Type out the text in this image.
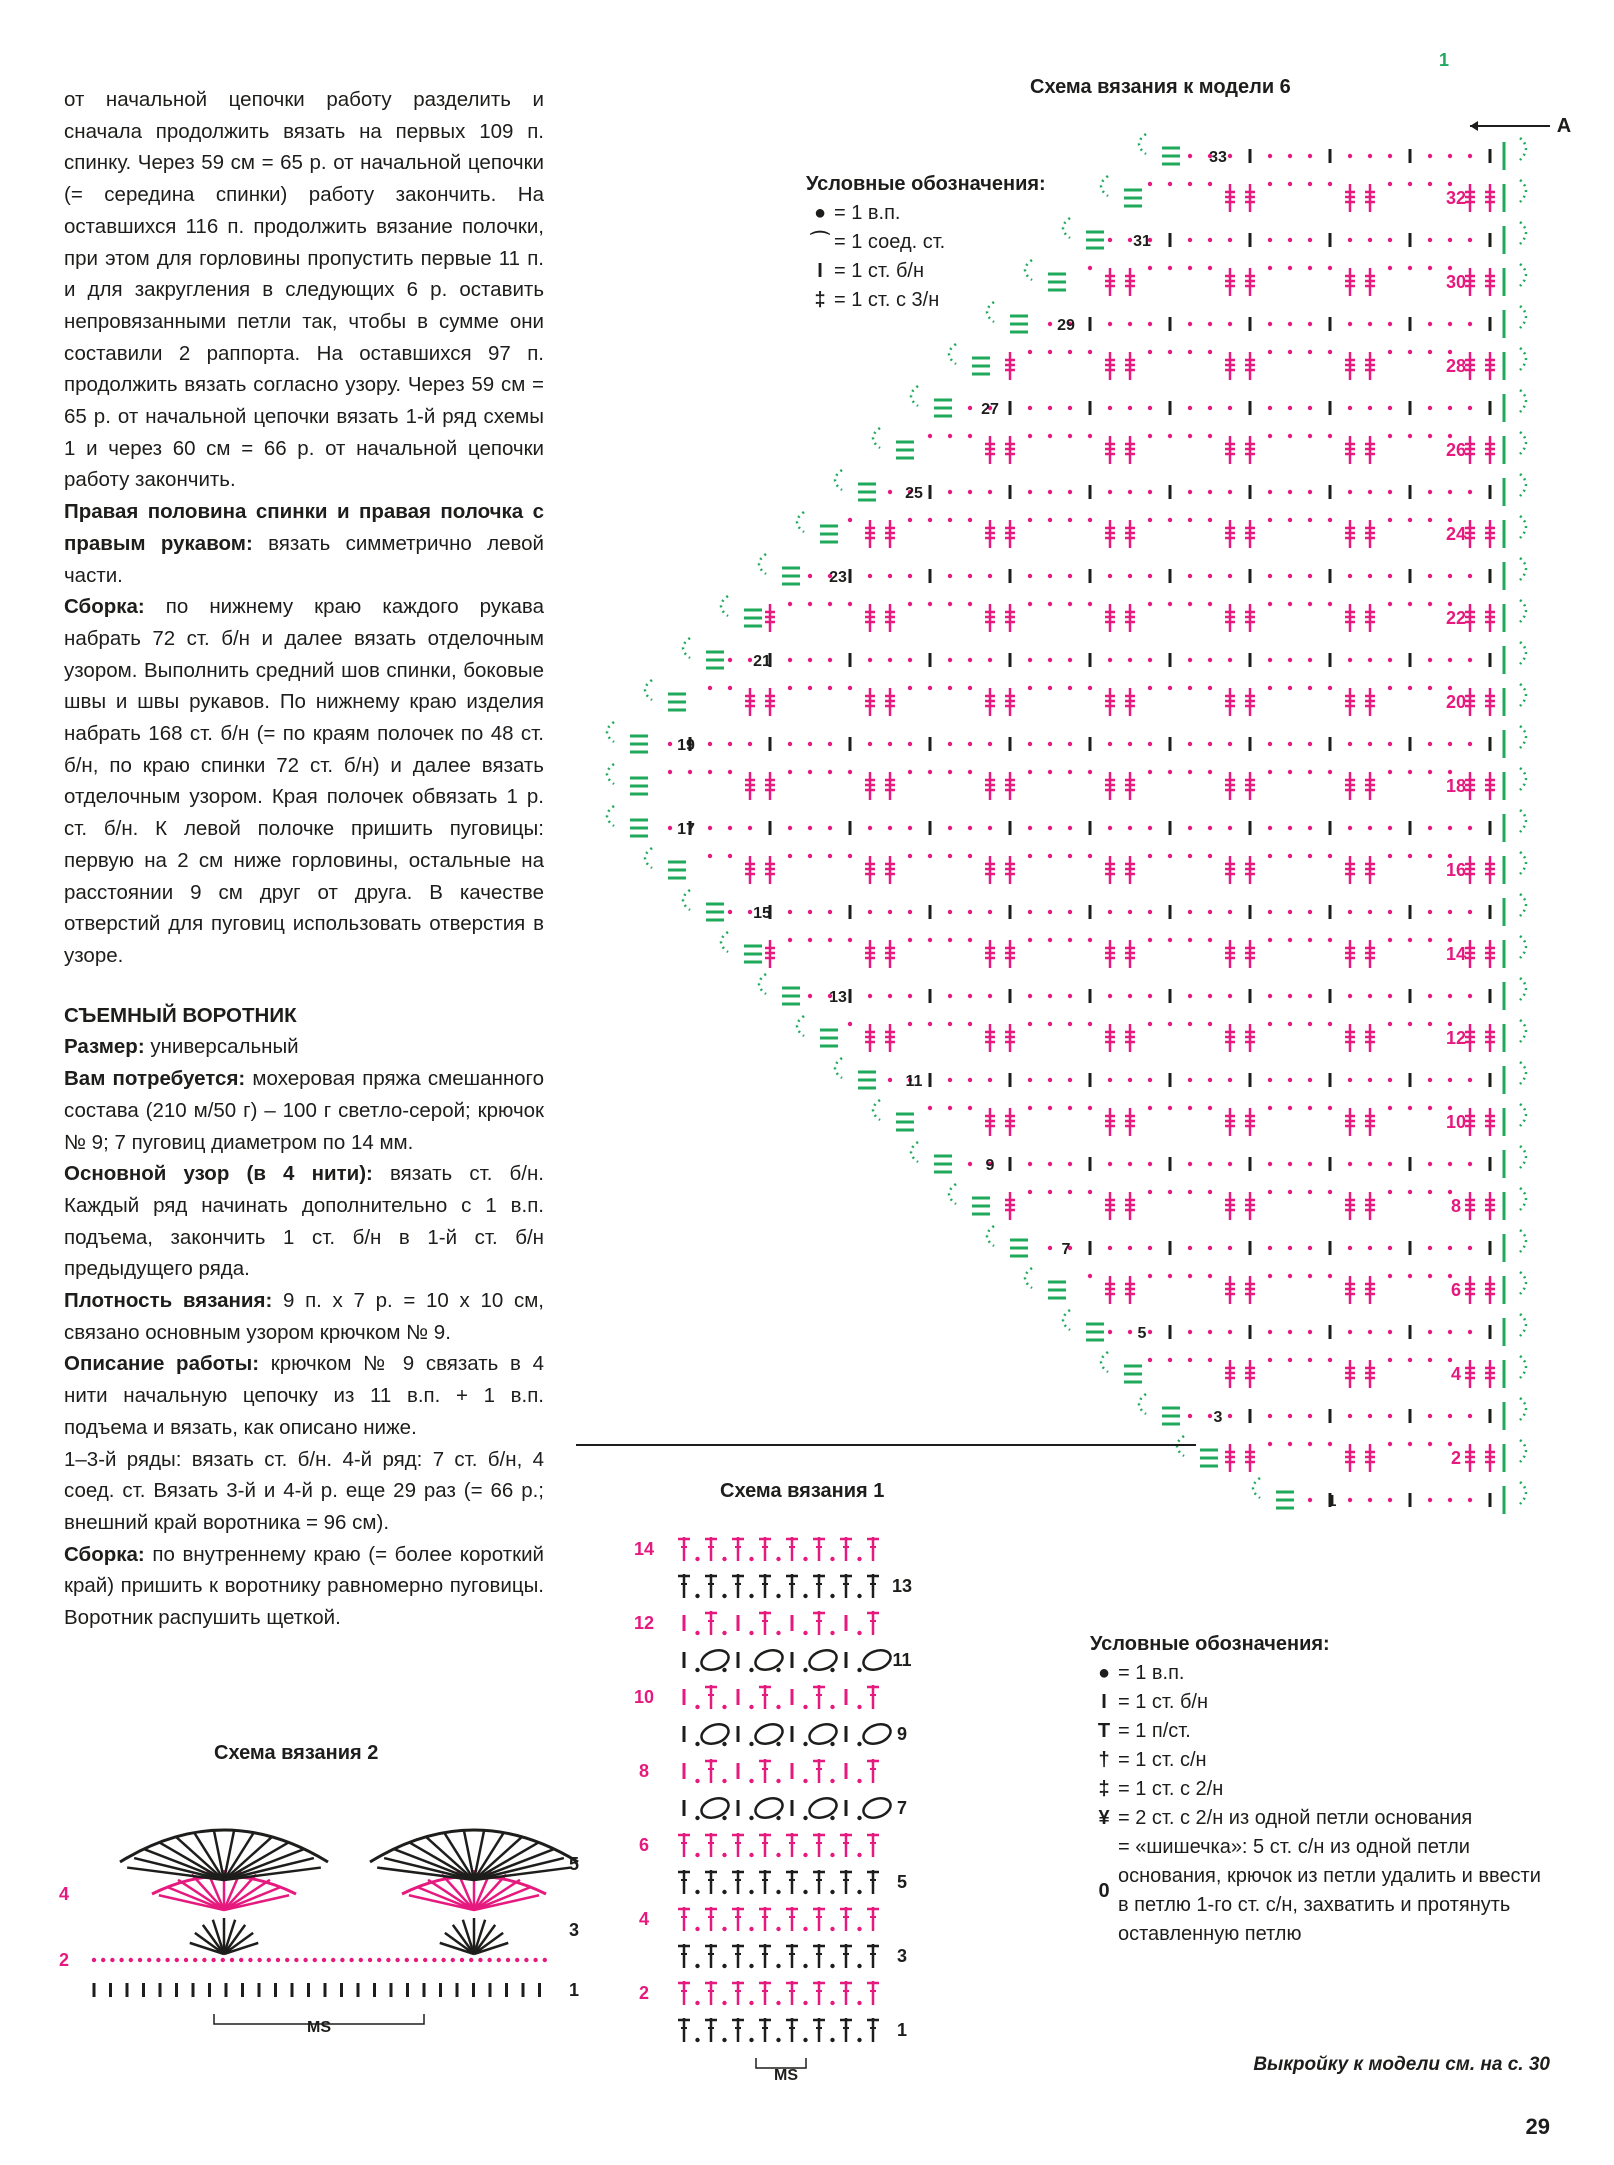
от начальной цепочки работу разделить и сначала продолжить вязать на первых 109 п. спинку. Через 59 см = 65 р. от начальной цепочки (= середина спинки) работу закончить. На оставшихся 116 п. продолжить вязание полочки, при этом для горловины пропустить первые 11 п. и для закругления в следующих 6 р. оставить непровязанными петли так, чтобы в сумме они составили 2 раппорта. На оставшихся 97 п. продолжить вязать согласно узору. Через 59 см = 65 р. от начальной цепочки вязать 1-й ряд схемы 1 и через 60 см = 66 р. от начальной цепочки работу закончить.

Правая половина спинки и правая полочка с правым рукавом: вязать симметрично левой части.

Сборка: по нижнему краю каждого рукава набрать 72 ст. б/н и далее вязать отделочным узором. Выполнить средний шов спинки, боковые швы и швы рукавов. По нижнему краю изделия набрать 168 ст. б/н (= по краям полочек по 48 ст. б/н, по краю спинки 72 ст. б/н) и далее вязать отделочным узором. Края полочек обвязать 1 р. ст. б/н. К левой полочке пришить пуговицы: первую на 2 см ниже горловины, остальные на расстоянии 9 см друг от друга. В качестве отверстий для пуговиц использовать отверстия в узоре.

СЪЕМНЫЙ ВОРОТНИК

Размер: универсальный

Вам потребуется: мохеровая пряжа смешанного состава (210 м/50 г) – 100 г светло-серой; крючок № 9; 7 пуговиц диаметром по 14 мм.

Основной узор (в 4 нити): вязать ст. б/н. Каждый ряд начинать дополнительно с 1 в.п. подъема, закончить 1 ст. б/н в 1-й ст. б/н предыдущего ряда.

Плотность вязания: 9 п. х 7 р. = 10 х 10 см, связано основным узором крючком № 9.

Описание работы: крючком № 9 связать в 4 нити начальную цепочку из 11 в.п. + 1 в.п. подъема и вязать, как описано ниже.

1–3-й ряды: вязать ст. б/н. 4-й ряд: 7 ст. б/н, 4 соед. ст. Вязать 3-й и 4-й р. еще 29 раз (= 66 р.; внешний край воротника = 96 см).

Сборка: по внутреннему краю (= более короткий край) пришить к воротнику равномерно пуговицы. Воротник распушить щеткой.

Схема вязания к модели 6
33
31
29
27
25
23
21
19
17
15
13
11
9
7
5
3
1
32
30
28
26
24
22
20
18
16
14
12
10
8
6
4
2
1
A
Условные обозначения:
● = 1 в.п.
⌒ = 1 соед. ст.
I = 1 ст. б/н
‡ = 1 ст. с 3/н
Схема вязания 1
14
12
10
8
6
4
2
13
11
9
7
5
3
1
MS
Условные обозначения:
● = 1 в.п.
I = 1 ст. б/н
T = 1 п/ст.
† = 1 ст. с/н
‡ = 1 ст. с 2/н
¥ = 2 ст. с 2/н из одной петли основания
0
= «шишечка»: 5 ст. с/н из одной петли основания, крючок из петли удалить и ввести в петлю 1-го ст. с/н, захватить и протянуть оставленную петлю
Схема вязания 2
5
3
1
4
2
MS
Выкройку к модели см. на с. 30
29
